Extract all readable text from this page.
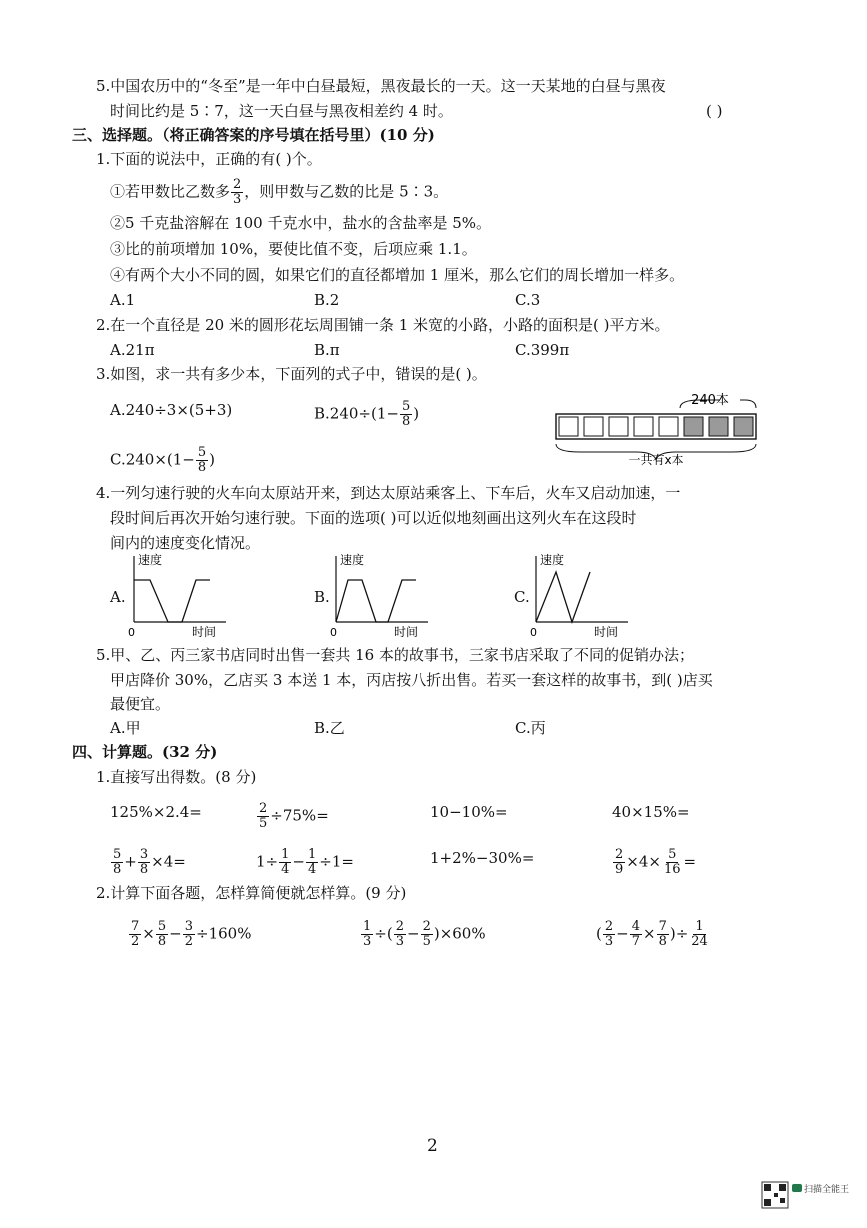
5.中国农历中的“冬至”是一年中白昼最短，黑夜最长的一天。这一天某地的白昼与黑夜
时间比约是 5∶7，这一天白昼与黑夜相差约 4 时。	( )
三、选择题。（将正确答案的序号填在括号里）(10 分)
1.下面的说法中，正确的有( )个。
①若甲数比乙数多 $\frac{2}{3}$ ，则甲数与乙数的比是 5∶3。
②5 千克盐溶解在 100 千克水中，盐水的含盐率是 5%。
③比的前项增加 10%，要使比值不变，后项应乘 1.1。
④有两个大小不同的圆，如果它们的直径都增加 1 厘米，那么它们的周长增加一样多。
A.1	B.2	C.3
2.在一个直径是 20 米的圆形花坛周围铺一条 1 米宽的小路，小路的面积是( )平方米。
A.21π	B.π	C.399π
3.如图，求一共有多少本，下面列的式子中，错误的是( )。
A.240÷3×(5+3)	$B.240\div(1- \frac{5}{8}$ )
$C.240\times(1- \frac{5}{8}$ )
240本
一共有x本
4.一列匀速行驶的火车向太原站开来，到达太原站乘客上、下车后，火车又启动加速，一
段时间后再次开始匀速行驶。下面的选项( )可以近似地刻画出这列火车在这段时
间内的速度变化情况。
A.
速度
0	时间
B.
速度
0	时间
C.
速度
0	时间
5.甲、乙、丙三家书店同时出售一套共 16 本的故事书，三家书店采取了不同的促销办法；
甲店降价 30%，乙店买 3 本送 1 本，丙店按八折出售。若买一套这样的故事书，到( )店买
最便宜。
A.甲	B.乙	C.丙
四、计算题。(32 分)
1.直接写出得数。(8 分)
125%×2.4=	$\frac{2}{5} \div 75\%=$	10−10%=	40×15%=
$\frac{5}{8} + \frac{3}{8} \times 4=$	$1\div \frac{1}{4} - \frac{1}{4} \div 1=$	1+2%−30%=	$\frac{2}{9} \times 4\times \frac{5}{16}$ =
2.计算下面各题，怎样算简便就怎样算。(9 分)
$\frac{7}{2} \times \frac{5}{8} - \frac{3}{2} \div 160\%$	$\frac{1}{3}$ ÷( $\frac{2}{3} - \frac{2}{5} )\times 60\%$	( $\frac{2}{3} - \frac{4}{7} \times \frac{7}{8}$ )÷ $\frac{1}{24}$
2
扫描全能王
